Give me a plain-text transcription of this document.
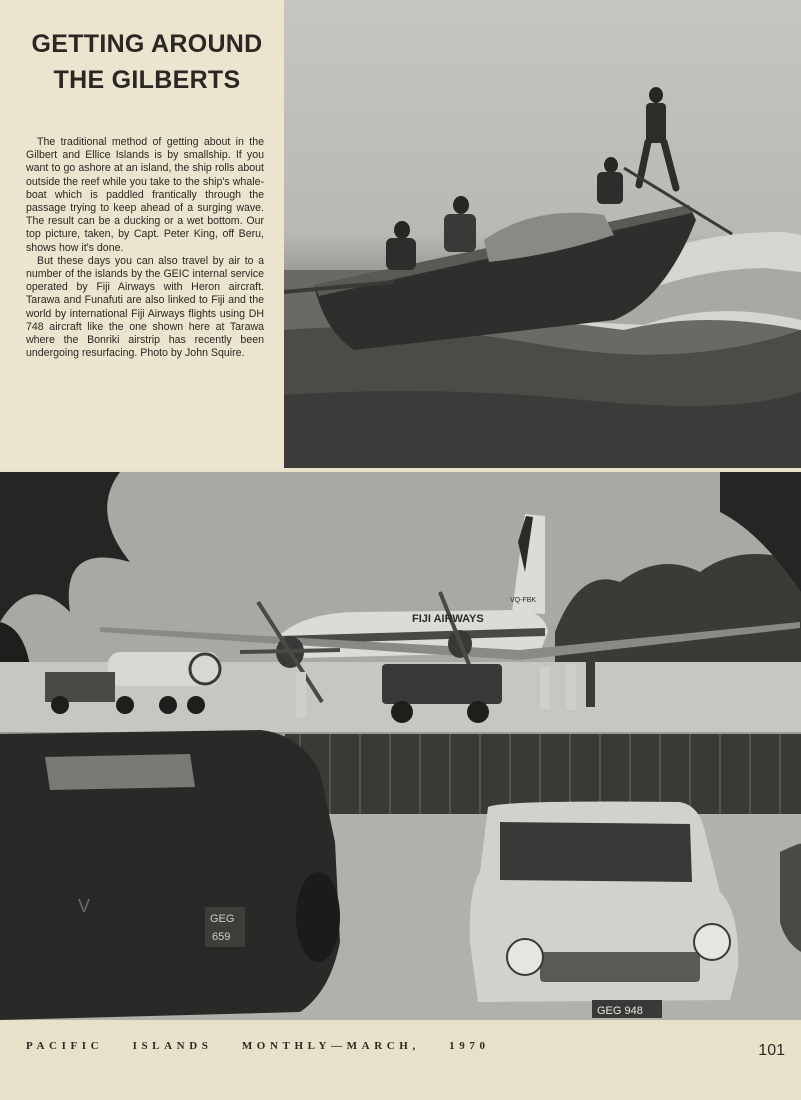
GETTING AROUND
THE GILBERTS

The traditional method of getting about in the Gilbert and Ellice Islands is by smallship. If you want to go ashore at an island, the ship rolls about outside the reef while you take to the ship's whale-boat which is paddled frantically through the passage trying to keep ahead of a surging wave. The result can be a ducking or a wet bottom. Our top picture, taken, by Capt. Peter King, off Beru, shows how it's done.

But these days you can also travel by air to a number of the islands by the GEIC internal service operated by Fiji Airways with Heron aircraft. Tarawa and Funafuti are also linked to Fiji and the world by international Fiji Airways flights using DH 748 aircraft like the one shown here at Tarawa where the Bonriki airstrip has recently been undergoing resurfacing. Photo by John Squire.

FIJI AIRWAYS
VQ-FBK
GEG
659
V
GEG 948
PACIFIC	ISLANDS	MONTHLY—MARCH,	1970	101
